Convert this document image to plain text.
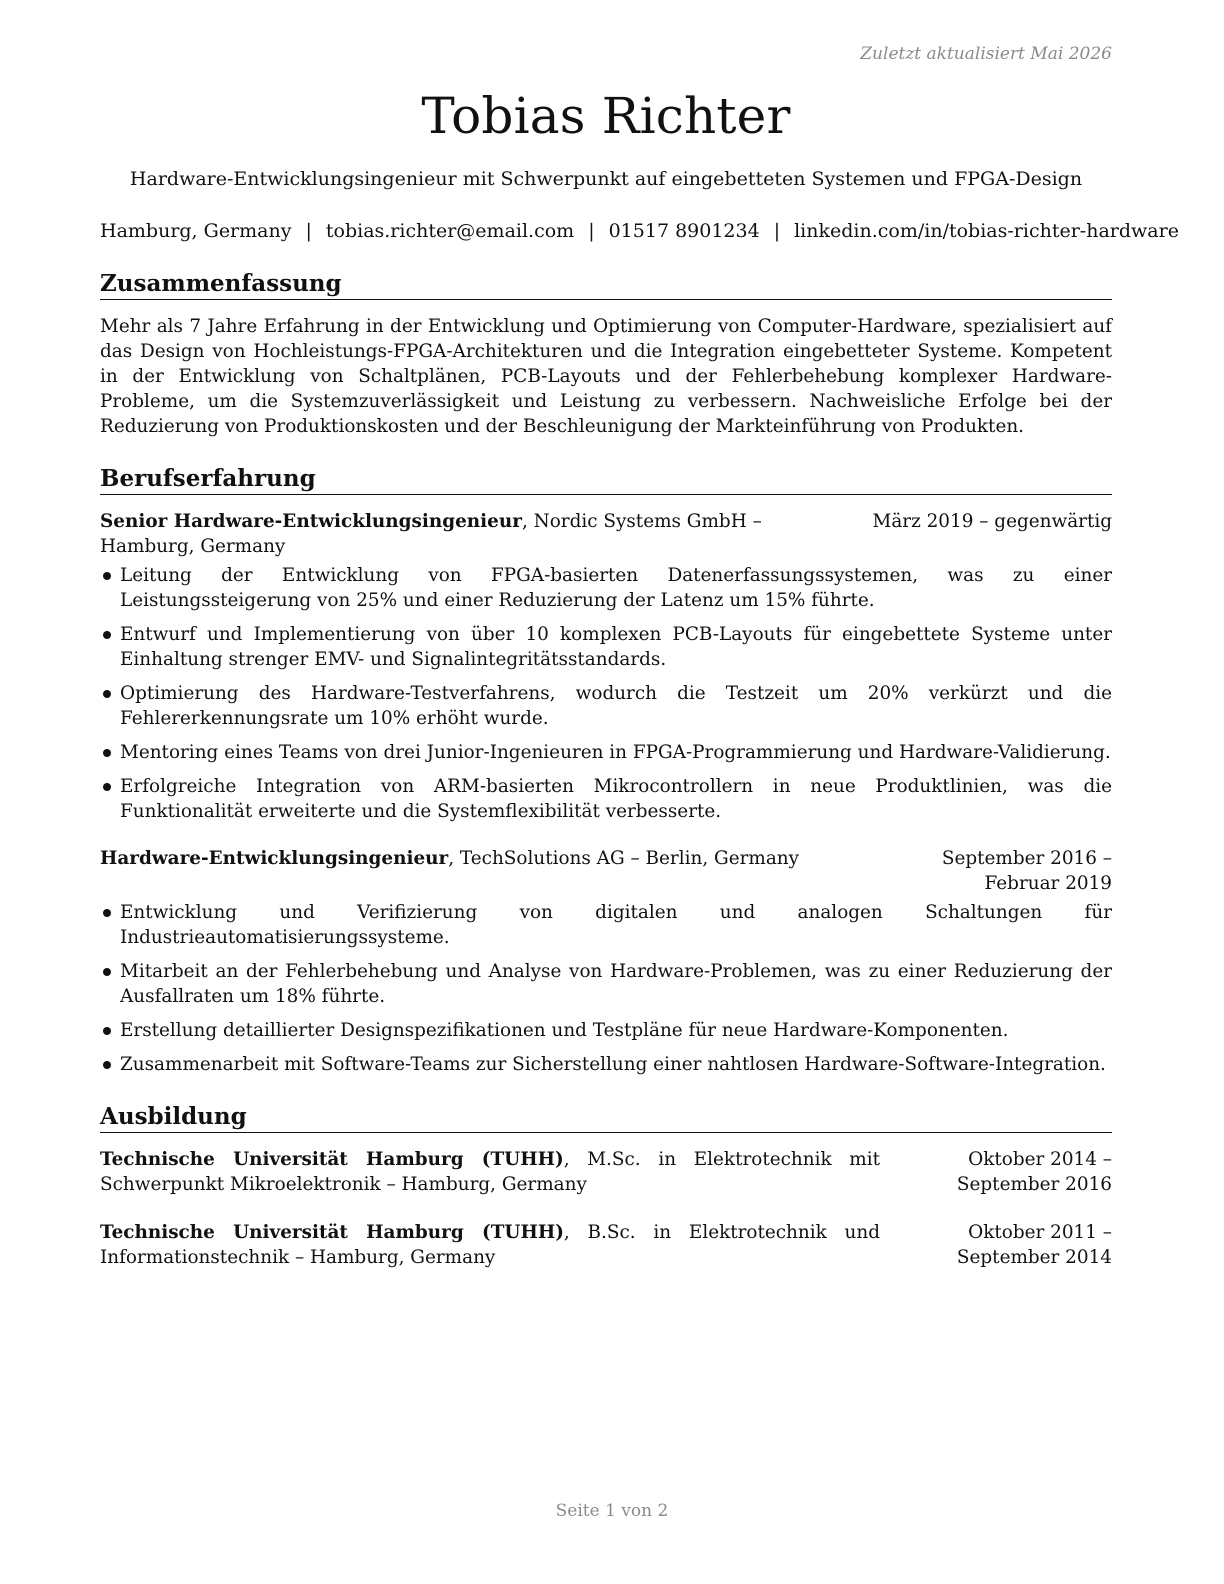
Zuletzt aktualisiert Mai 2026
Tobias Richter
Hardware-Entwicklungsingenieur mit Schwerpunkt auf eingebetteten Systemen und FPGA-Design
Hamburg, Germany | tobias.richter@email.com | 01517 8901234 | linkedin.com/in/tobias-richter-hardware
Zusammenfassung
Mehr als 7 Jahre Erfahrung in der Entwicklung und Optimierung von Computer-Hardware, spezialisiert auf das Design von Hochleistungs-FPGA-Architekturen und die Integration eingebetteter Systeme. Kompetent in der Entwicklung von Schaltplänen, PCB-Layouts und der Fehlerbehebung komplexer Hardware-Probleme, um die Systemzuverlässigkeit und Leistung zu verbessern. Nachweisliche Erfolge bei der Reduzierung von Produktionskosten und der Beschleunigung der Markteinführung von Produkten.
Berufserfahrung
Senior Hardware-Entwicklungsingenieur, Nordic Systems GmbH – Hamburg, Germany
März 2019 – gegenwärtig
Leitung der Entwicklung von FPGA-basierten Datenerfassungssystemen, was zu einer Leistungssteigerung von 25% und einer Reduzierung der Latenz um 15% führte.
Entwurf und Implementierung von über 10 komplexen PCB-Layouts für eingebettete Systeme unter Einhaltung strenger EMV- und Signalintegritätsstandards.
Optimierung des Hardware-Testverfahrens, wodurch die Testzeit um 20% verkürzt und die Fehlererkennungsrate um 10% erhöht wurde.
Mentoring eines Teams von drei Junior-Ingenieuren in FPGA-Programmierung und Hardware-Validierung.
Erfolgreiche Integration von ARM-basierten Mikrocontrollern in neue Produktlinien, was die Funktionalität erweiterte und die Systemflexibilität verbesserte.
Hardware-Entwicklungsingenieur, TechSolutions AG – Berlin, Germany	September 2016 – Februar 2019
Entwicklung und Verifizierung von digitalen und analogen Schaltungen für Industrieautomatisierungssysteme.
Mitarbeit an der Fehlerbehebung und Analyse von Hardware-Problemen, was zu einer Reduzierung der Ausfallraten um 18% führte.
Erstellung detaillierter Designspezifikationen und Testpläne für neue Hardware-Komponenten.
Zusammenarbeit mit Software-Teams zur Sicherstellung einer nahtlosen Hardware-Software-Integration.
Ausbildung
Technische Universität Hamburg (TUHH), M.Sc. in Elektrotechnik mit Schwerpunkt Mikroelektronik – Hamburg, Germany
Oktober 2014 – September 2016
Technische Universität Hamburg (TUHH), B.Sc. in Elektrotechnik und Informationstechnik – Hamburg, Germany
Oktober 2011 – September 2014
Seite 1 von 2
